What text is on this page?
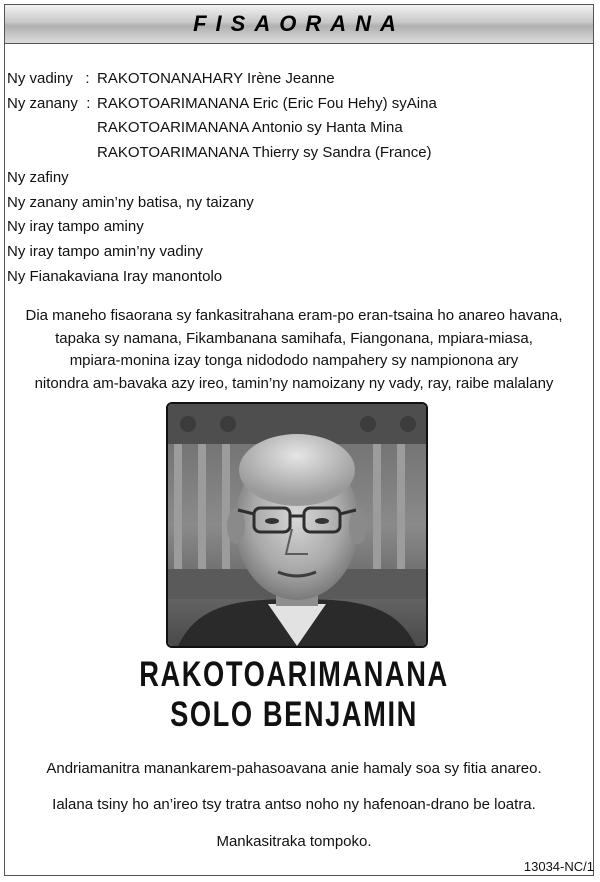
FISAORANA
Ny vadiny : RAKOTONANAHARY Irène Jeanne
Ny zanany : RAKOTOARIMANANA Eric (Eric Fou Hehy) syAina
RAKOTOARIMANANA Antonio sy Hanta Mina
RAKOTOARIMANANA Thierry sy Sandra (France)
Ny zafiny
Ny zanany amin’ny batisa, ny taizany
Ny iray tampo aminy
Ny iray tampo amin’ny vadiny
Ny Fianakaviana Iray manontolo
Dia maneho fisaorana sy fankasitrahana eram-po eran-tsaina ho anareo havana,
tapaka sy namana, Fikambanana samihafa, Fiangonana, mpiara-miasa,
mpiara-monina izay tonga nidododo nampahery sy nampionona ary
nitondra am-bavaka azy ireo, tamin’ny namoizany ny vady, ray, raibe malalany
RAKOTOARIMANANA
SOLO BENJAMIN
Andriamanitra manankarem-pahasoavana anie hamaly soa sy fitia anareo.
Ialana tsiny ho an’ireo tsy tratra antso noho ny hafenoan-drano be loatra.
Mankasitraka tompoko.
13034-NC/1
